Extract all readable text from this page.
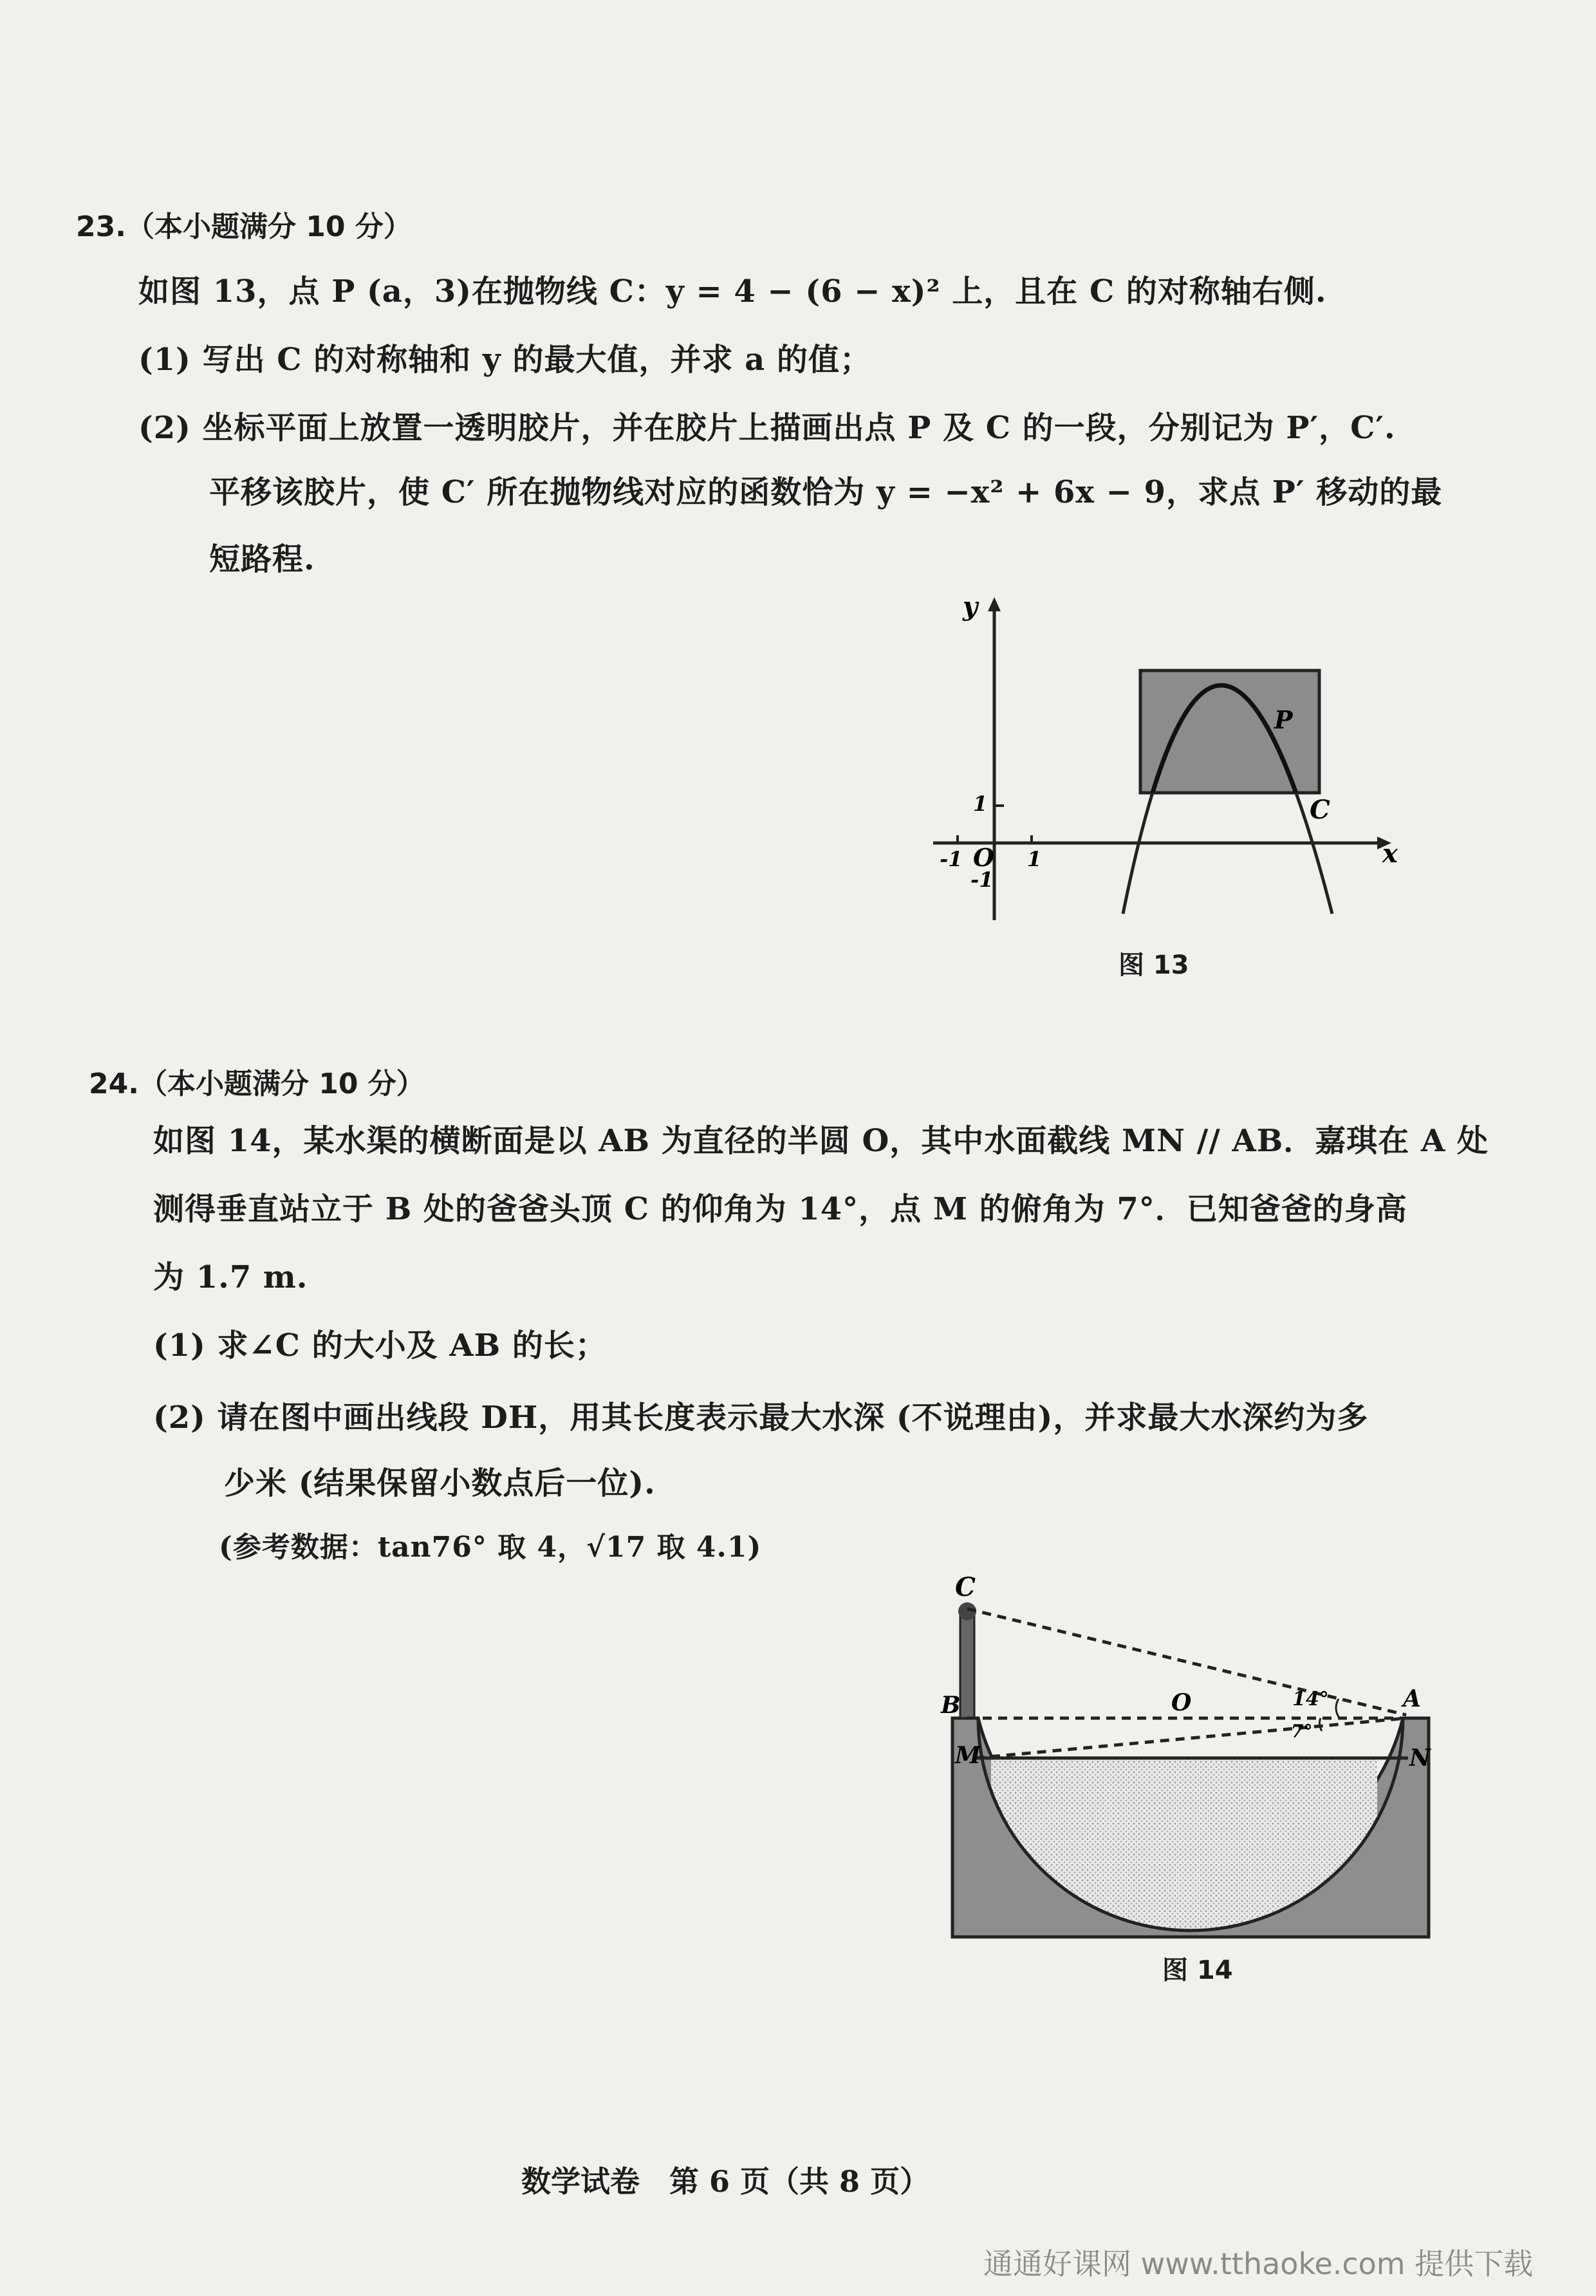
23.（本小题满分 10 分）
如图 13，点 P (a，3)在抛物线 C：y = 4 − (6 − x)² 上，且在 C 的对称轴右侧.
(1) 写出 C 的对称轴和 y 的最大值，并求 a 的值；
(2) 坐标平面上放置一透明胶片，并在胶片上描画出点 P 及 C 的一段，分别记为 P′，C′.
平移该胶片，使 C′ 所在抛物线对应的函数恰为 y = −x² + 6x − 9，求点 P′ 移动的最
短路程.
y
x
O
P
C
1
1
-1
-1
图 13
24.（本小题满分 10 分）
如图 14，某水渠的横断面是以 AB 为直径的半圆 O，其中水面截线 MN // AB．嘉琪在 A 处
测得垂直站立于 B 处的爸爸头顶 C 的仰角为 14°，点 M 的俯角为 7°．已知爸爸的身高
为 1.7 m.
(1) 求∠C 的大小及 AB 的长；
(2) 请在图中画出线段 DH，用其长度表示最大水深 (不说理由)，并求最大水深约为多
少米 (结果保留小数点后一位).
(参考数据：tan76° 取 4，√17 取 4.1)
C
B	O	A
M	N
14°
7°
图 14
数学试卷　第 6 页（共 8 页）
通通好课网 www.tthaoke.com 提供下载
